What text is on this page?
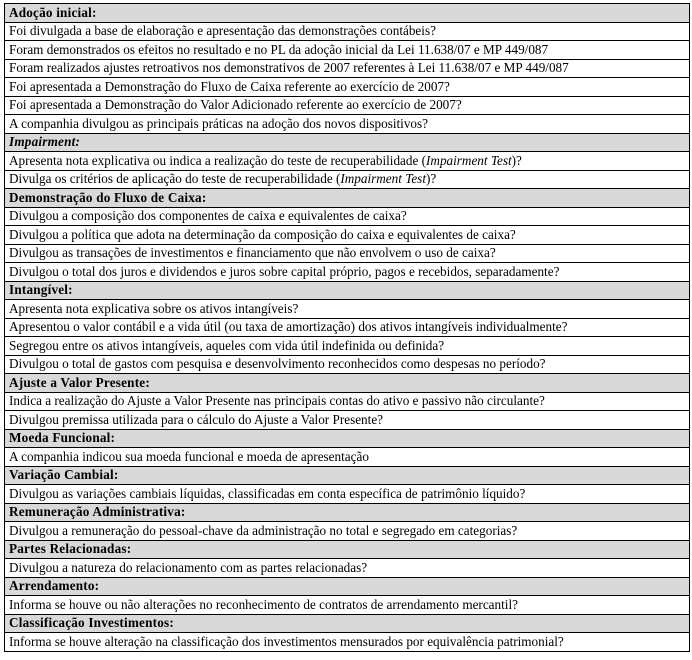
Adoção inicial:
Foi divulgada a base de elaboração e apresentação das demonstrações contábeis?
Foram demonstrados os efeitos no resultado e no PL da adoção inicial da Lei 11.638/07 e MP 449/087
Foram realizados ajustes retroativos nos demonstrativos de 2007 referentes à Lei 11.638/07 e MP 449/087
Foi apresentada a Demonstração do Fluxo de Caixa referente ao exercício de 2007?
Foi apresentada a Demonstração do Valor Adicionado referente ao exercício de 2007?
A companhia divulgou as principais práticas na adoção dos novos dispositivos?
Impairment:
Apresenta nota explicativa ou indica a realização do teste de recuperabilidade (Impairment Test)?
Divulga os critérios de aplicação do teste de recuperabilidade (Impairment Test)?
Demonstração do Fluxo de Caixa:
Divulgou a composição dos componentes de caixa e equivalentes de caixa?
Divulgou a política que adota na determinação da composição do caixa e equivalentes de caixa?
Divulgou as transações de investimentos e financiamento que não envolvem o uso de caixa?
Divulgou o total dos juros e dividendos e juros sobre capital próprio, pagos e recebidos, separadamente?
Intangível:
Apresenta nota explicativa sobre os ativos intangíveis?
Apresentou o valor contábil e a vida útil (ou taxa de amortização) dos ativos intangíveis individualmente?
Segregou entre os ativos intangíveis, aqueles com vida útil indefinida ou definida?
Divulgou o total de gastos com pesquisa e desenvolvimento reconhecidos como despesas no período?
Ajuste a Valor Presente:
Indica a realização do Ajuste a Valor Presente nas principais contas do ativo e passivo não circulante?
Divulgou premissa utilizada para o cálculo do Ajuste a Valor Presente?
Moeda Funcional:
A companhia indicou sua moeda funcional e moeda de apresentação
Variação Cambial:
Divulgou as variações cambiais líquidas, classificadas em conta específica de patrimônio líquido?
Remuneração Administrativa:
Divulgou a remuneração do pessoal-chave da administração no total e segregado em categorias?
Partes Relacionadas:
Divulgou a natureza do relacionamento com as partes relacionadas?
Arrendamento:
Informa se houve ou não alterações no reconhecimento de contratos de arrendamento mercantil?
Classificação Investimentos:
Informa se houve alteração na classificação dos investimentos mensurados por equivalência patrimonial?
